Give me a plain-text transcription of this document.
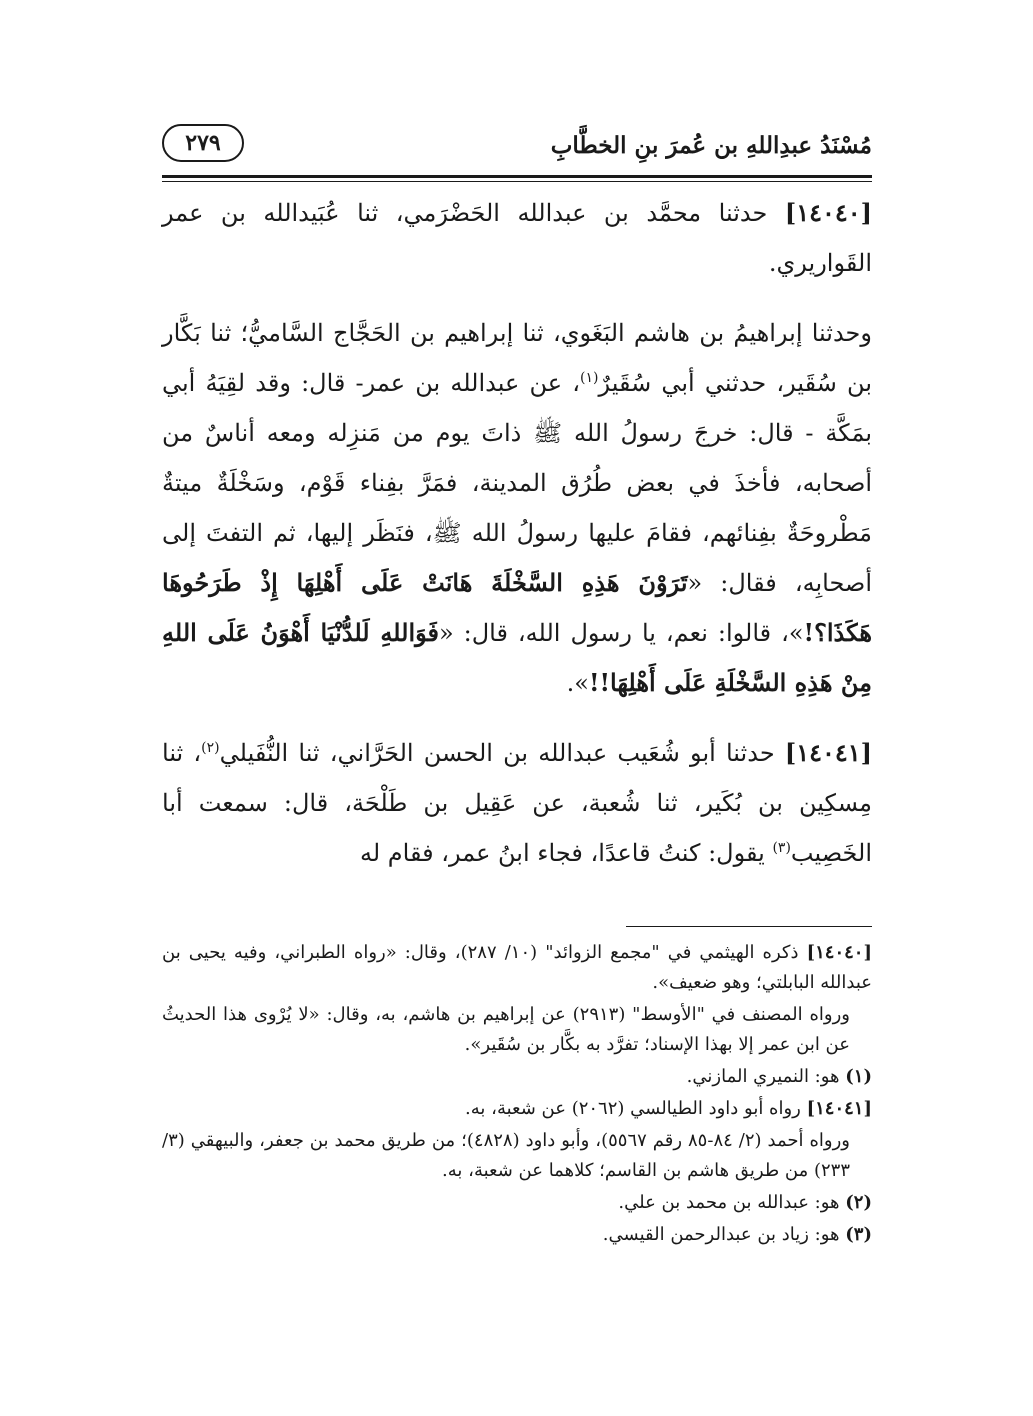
مُسْنَدُ عبدِاللهِ بن عُمرَ بنِ الخطَّابِ
٢٧٩

[١٤٠٤٠] حدثنا محمَّد بن عبدالله الحَضْرَمي، ثنا عُبَيدالله بن عمر القَواريري.

وحدثنا إبراهيمُ بن هاشم البَغَوي، ثنا إبراهيم بن الحَجَّاج السَّاميُّ؛ ثنا بَكَّار بن سُقَير، حدثني أبي سُقَيرٌ$^{(١)}$، عن عبدالله بن عمر- قال: وقد لقِيَهُ أبي بمَكَّة - قال: خرجَ رسولُ الله ﷺ ذاتَ يوم من مَنزِله ومعه أناسٌ من أصحابه، فأخذَ في بعض طُرُق المدينة، فمَرَّ بفِناء قَوْم، وسَخْلَةٌ ميتةٌ مَطْروحَةٌ بفِنائهم، فقامَ عليها رسولُ الله ﷺ، فنَظَر إليها، ثم التفتَ إلى أصحابِه، فقال: «تَرَوْنَ هَذِهِ السَّخْلَةَ هَانَتْ عَلَى أَهْلِهَا إِذْ طَرَحُوهَا هَكَذَا؟!»، قالوا: نعم، يا رسول الله، قال: «فَوَاللهِ لَلدُّنْيَا أَهْوَنُ عَلَى اللهِ مِنْ هَذِهِ السَّخْلَةِ عَلَى أَهْلِهَا!!».

[١٤٠٤١] حدثنا أبو شُعَيب عبدالله بن الحسن الحَرَّاني، ثنا النُّفَيلي$^{(٢)}$، ثنا مِسكِين بن بُكَير، ثنا شُعبة، عن عَقِيل بن طَلْحَة، قال: سمعت أبا الخَصِيب$^{(٣)}$ يقول: كنتُ قاعدًا، فجاء ابنُ عمر، فقام له

[١٤٠٤٠] ذكره الهيثمي في "مجمع الزوائد" (١٠/ ٢٨٧)، وقال: «رواه الطبراني، وفيه يحيى بن عبدالله البابلتي؛ وهو ضعيف».

ورواه المصنف في "الأوسط" (٢٩١٣) عن إبراهيم بن هاشم، به، وقال: «لا يُرْوى هذا الحديثُ عن ابن عمر إلا بهذا الإسناد؛ تفرَّد به بكَّار بن سُقَير».

(١) هو: النميري المازني.

[١٤٠٤١] رواه أبو داود الطيالسي (٢٠٦٢) عن شعبة، به.

ورواه أحمد (٢/ ٨٤-٨٥ رقم ٥٥٦٧)، وأبو داود (٤٨٢٨)؛ من طريق محمد بن جعفر، والبيهقي (٣/ ٢٣٣) من طريق هاشم بن القاسم؛ كلاهما عن شعبة، به.

(٢) هو: عبدالله بن محمد بن علي.

(٣) هو: زياد بن عبدالرحمن القيسي.
